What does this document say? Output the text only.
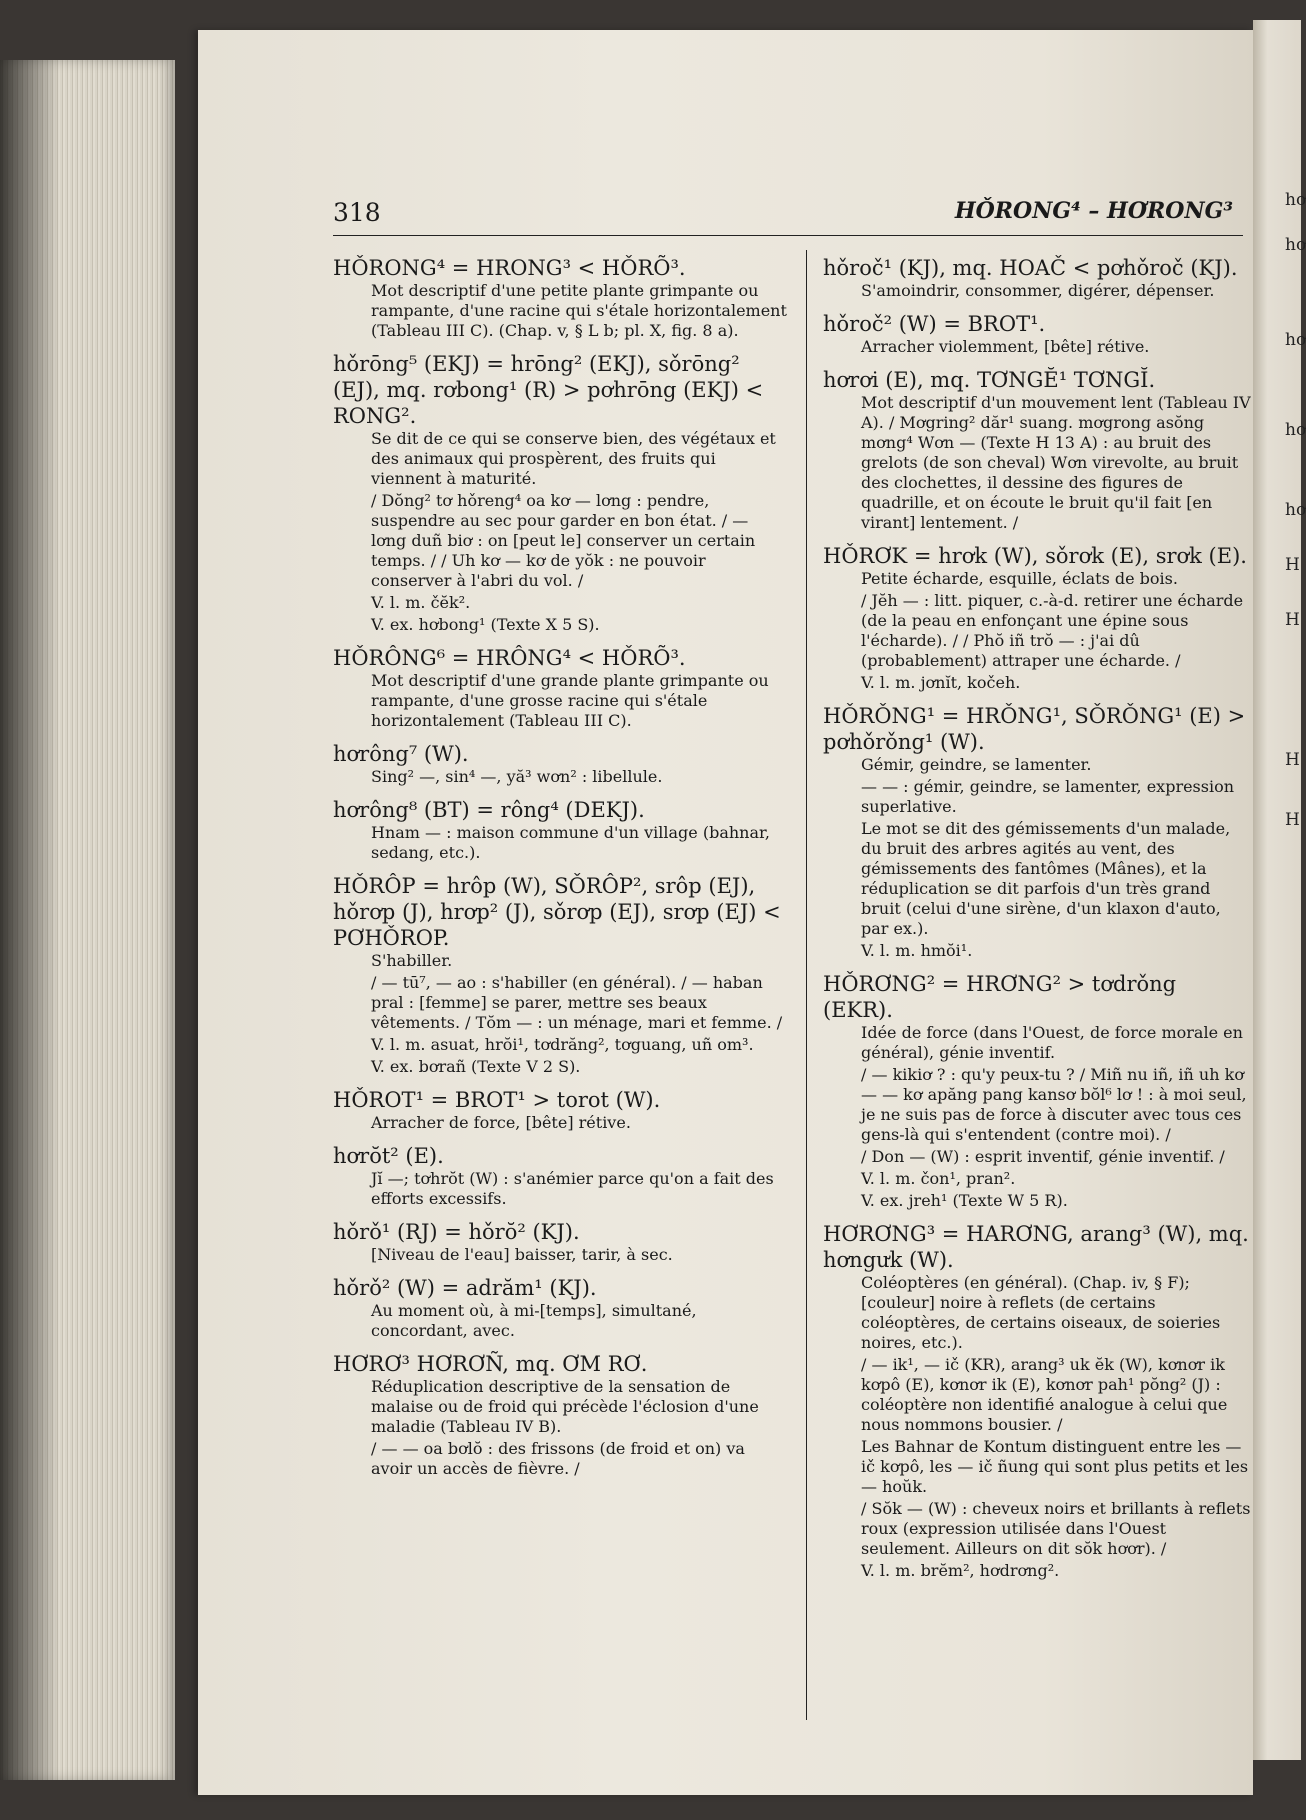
318	HǑRONG⁴ – HƠRONG³
HǑRONG⁴ = HRONG³ < HǑRÕ³.

Mot descriptif d'une petite plante grimpante ou rampante, d'une racine qui s'étale horizontalement (Tableau III C). (Chap. v, § L b; pl. X, fig. 8 a).

hǒrōng⁵ (EKJ) = hrōng² (EKJ), sǒrōng² (EJ), mq. rơbong¹ (R) > pơhrōng (EKJ) < RONG².

Se dit de ce qui se conserve bien, des végétaux et des animaux qui prospèrent, des fruits qui viennent à maturité.

/ Dŏng² tơ hǒreng⁴ oa kơ — lơng : pendre, suspendre au sec pour garder en bon état. / — lơng duñ biơ : on [peut le] conserver un certain temps. / / Uh kơ — kơ de yŏk : ne pouvoir conserver à l'abri du vol. /

V. l. m. čĕk².

V. ex. hơbong¹ (Texte X 5 S).

HǑRÔNG⁶ = HRÔNG⁴ < HǑRÕ³.

Mot descriptif d'une grande plante grimpante ou rampante, d'une grosse racine qui s'étale horizontalement (Tableau III C).

hơrông⁷ (W).

Sing² —, sin⁴ —, yă³ wơn² : libellule.

hơrông⁸ (BT) = rông⁴ (DEKJ).

Hnam — : maison commune d'un village (bahnar, sedang, etc.).

HǑRÔP = hrôp (W), SǑRÔP², srôp (EJ), hǒrơp (J), hrơp² (J), sǒrơp (EJ), srơp (EJ) < PƠHǑROP.

S'habiller.

/ — tū⁷, — ao : s'habiller (en général). / — haban pral : [femme] se parer, mettre ses beaux vêtements. / Tŏm — : un ménage, mari et femme. /

V. l. m. asuat, hrŏi¹, tơdrăng², tơguang, uñ om³.

V. ex. bơrañ (Texte V 2 S).

HǑROT¹ = BROT¹ > torot (W).

Arracher de force, [bête] rétive.

hơrŏt² (E).

Jĭ —; tơhrŏt (W) : s'anémier parce qu'on a fait des efforts excessifs.

hǒrǒ¹ (RJ) = hǒrŏ² (KJ).

[Niveau de l'eau] baisser, tarir, à sec.

hǒrǒ² (W) = adrăm¹ (KJ).

Au moment où, à mi-[temps], simultané, concordant, avec.

HƠRƠ³ HƠRƠÑ, mq. ƠM RƠ.

Réduplication descriptive de la sensation de malaise ou de froid qui précède l'éclosion d'une maladie (Tableau IV B).

/ — — oa bơlŏ : des frissons (de froid et on) va avoir un accès de fièvre. /

hǒroč¹ (KJ), mq. HOAČ < pơhǒroč (KJ).

S'amoindrir, consommer, digérer, dépenser.

hǒroč² (W) = BROT¹.

Arracher violemment, [bête] rétive.

hơrơi (E), mq. TƠNGĔ¹ TƠNGĬ.

Mot descriptif d'un mouvement lent (Tableau IV A). / Mơgring² dăr¹ suang. mơgrong asŏng mơng⁴ Wơn — (Texte H 13 A) : au bruit des grelots (de son cheval) Wơn virevolte, au bruit des clochettes, il dessine des figures de quadrille, et on écoute le bruit qu'il fait [en virant] lentement. /

HǑRƠK = hrơk (W), sǒrơk (E), srơk (E).

Petite écharde, esquille, éclats de bois.

/ Jĕh — : litt. piquer, c.-à-d. retirer une écharde (de la peau en enfonçant une épine sous l'écharde). / / Phŏ iñ trŏ — : j'ai dû (probablement) attraper une écharde. /

V. l. m. jơnĭt, kočeh.

HǑRǑNG¹ = HRǑNG¹, SǑRǑNG¹ (E) > pơhǒrǒng¹ (W).

Gémir, geindre, se lamenter.

— — : gémir, geindre, se lamenter, expression superlative.

Le mot se dit des gémissements d'un malade, du bruit des arbres agités au vent, des gémissements des fantômes (Mânes), et la réduplication se dit parfois d'un très grand bruit (celui d'une sirène, d'un klaxon d'auto, par ex.).

V. l. m. hmŏi¹.

HǑRƠNG² = HRƠNG² > tơdrǒng (EKR).

Idée de force (dans l'Ouest, de force morale en général), génie inventif.

/ — kikiơ ? : qu'y peux-tu ? / Miñ nu iñ, iñ uh kơ — — kơ apăng pang kansơ bŏl⁶ lơ ! : à moi seul, je ne suis pas de force à discuter avec tous ces gens-là qui s'entendent (contre moi). /

/ Don — (W) : esprit inventif, génie inventif. /

V. l. m. čon¹, pran².

V. ex. jreh¹ (Texte W 5 R).

HƠRƠNG³ = HARƠNG, arang³ (W), mq. hơngưk (W).

Coléoptères (en général). (Chap. iv, § F); [couleur] noire à reflets (de certains coléoptères, de certains oiseaux, de soieries noires, etc.).

/ — ik¹, — ič (KR), arang³ uk ĕk (W), kơnơr ik kơpô (E), kơnơr ik (E), kơnơr pah¹ pŏng² (J) : coléoptère non identifié analogue à celui que nous nommons bousier. /

Les Bahnar de Kontum distinguent entre les — ič kơpô, les — ič ñung qui sont plus petits et les — hoŭk.

/ Sŏk — (W) : cheveux noirs et brillants à reflets roux (expression utilisée dans l'Ouest seulement. Ailleurs on dit sŏk hơơr). /

V. l. m. brĕm², hơdrơng².

hơ
hơ
hơ
hơ
hơ
H
H
H
H
